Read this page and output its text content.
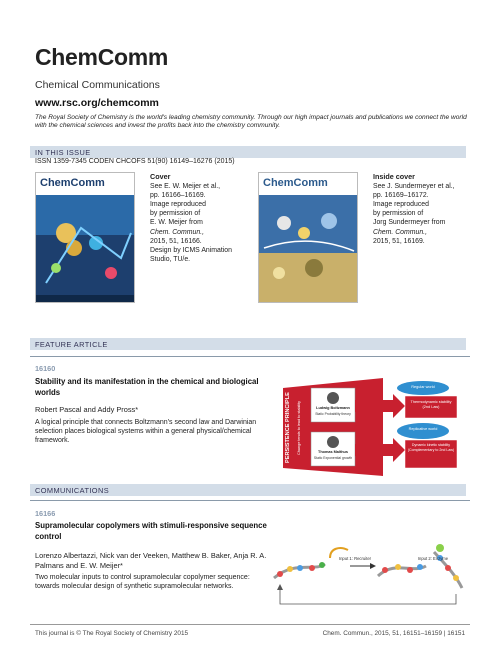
ChemComm
Chemical Communications
www.rsc.org/chemcomm
The Royal Society of Chemistry is the world's leading chemistry community. Through our high impact journals and publications we connect the world with the chemical sciences and invest the profits back into the chemistry community.
IN THIS ISSUE
ISSN 1359-7345 CODEN CHCOFS 51(90) 16149–16276 (2015)
ChemComm
Cover
See E. W. Meijer et al.,
pp. 16166–16169.
Image reproduced
by permission of
E. W. Meijer from
Chem. Commun.,
2015, 51, 16166.
Design by ICMS Animation
Studio, TU/e.
ChemComm
Inside cover
See J. Sundermeyer et al.,
pp. 16169–16172.
Image reproduced
by permission of
Jorg Sundermeyer from
Chem. Commun.,
2015, 51, 16169.
FEATURE ARTICLE
16160
Stability and its manifestation in the chemical and biological worlds
Robert Pascal and Addy Pross*
A logical principle that connects Boltzmann's second law and Darwinian selection places biological systems within a general physical/chemical framework.	PERSISTENCE PRINCIPLE	Change tends to lead to stability	Ludwig Boltzmann
Static Probability theory
Thomas Malthus
Static Exponential growth
Regular world
Replicative world
Thermodynamic stability (2nd Law)
Dynamic kinetic stability (Complementary to 2nd Law)
COMMUNICATIONS
16166
Supramolecular copolymers with stimuli-responsive sequence control
Lorenzo Albertazzi, Nick van der Veeken, Matthew B. Baker, Anja R. A. Palmans and E. W. Meijer*
Two molecular inputs to control supramolecular copolymer sequence: towards molecular design of synthetic supramolecular networks.
Input 1: Recruiter	Input 2: Enzyme
This journal is © The Royal Society of Chemistry 2015	Chem. Commun., 2015, 51, 16151–16159 | 16151
